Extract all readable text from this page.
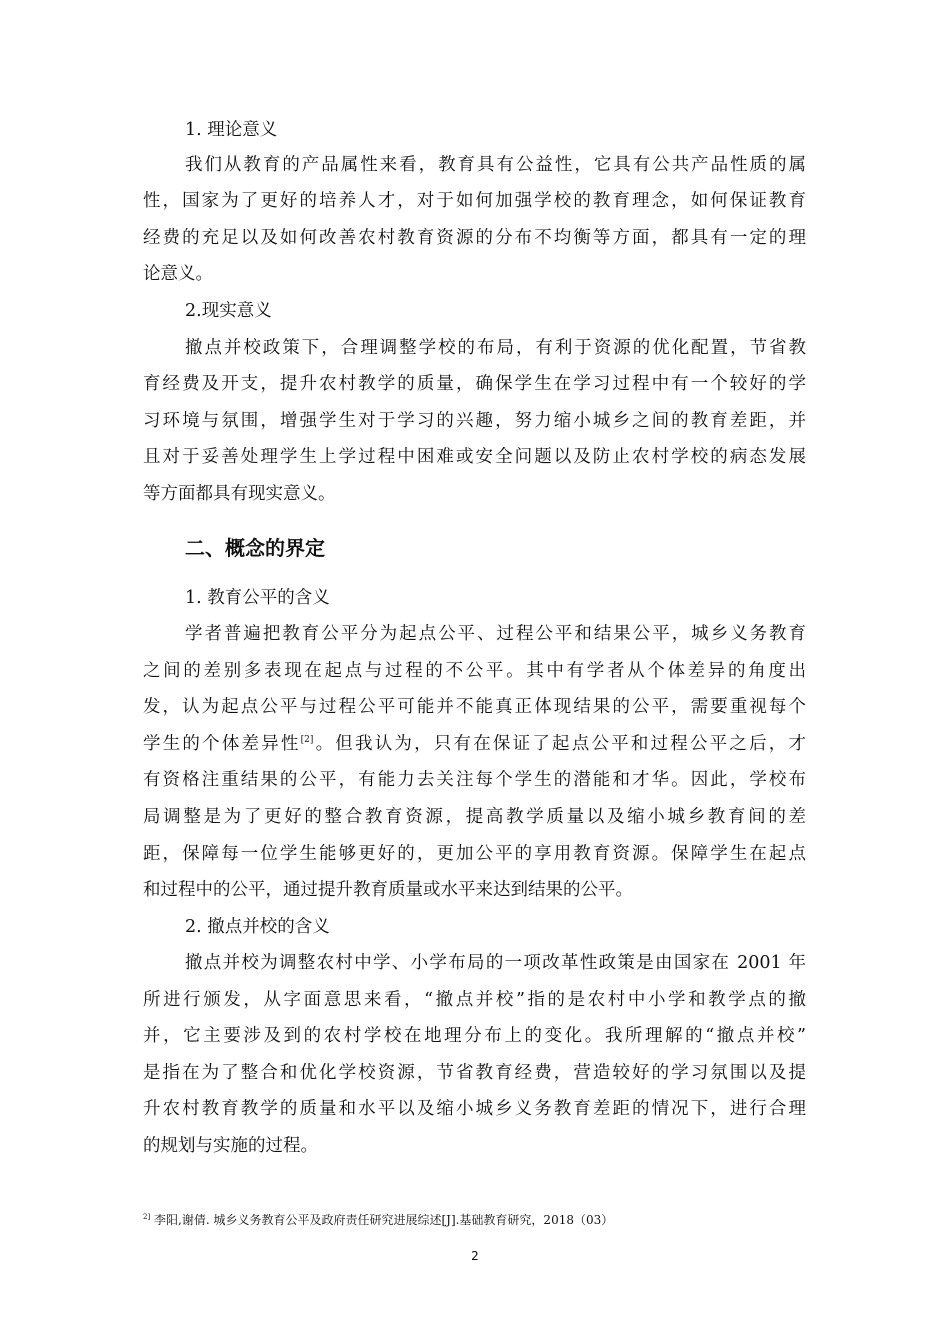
1. 理论意义
我们从教育的产品属性来看，教育具有公益性，它具有公共产品性质的属
性，国家为了更好的培养人才，对于如何加强学校的教育理念，如何保证教育
经费的充足以及如何改善农村教育资源的分布不均衡等方面，都具有一定的理
论意义。
2.现实意义
撤点并校政策下，合理调整学校的布局，有利于资源的优化配置，节省教
育经费及开支，提升农村教学的质量，确保学生在学习过程中有一个较好的学
习环境与氛围，增强学生对于学习的兴趣，努力缩小城乡之间的教育差距，并
且对于妥善处理学生上学过程中困难或安全问题以及防止农村学校的病态发展
等方面都具有现实意义。
二、概念的界定
1. 教育公平的含义
学者普遍把教育公平分为起点公平、过程公平和结果公平，城乡义务教育
之间的差别多表现在起点与过程的不公平。其中有学者从个体差异的角度出
发，认为起点公平与过程公平可能并不能真正体现结果的公平，需要重视每个
学生的个体差异性[2]。但我认为，只有在保证了起点公平和过程公平之后，才
有资格注重结果的公平，有能力去关注每个学生的潜能和才华。因此，学校布
局调整是为了更好的整合教育资源，提高教学质量以及缩小城乡教育间的差
距，保障每一位学生能够更好的，更加公平的享用教育资源。保障学生在起点
和过程中的公平，通过提升教育质量或水平来达到结果的公平。
2. 撤点并校的含义
撤点并校为调整农村中学、小学布局的一项改革性政策是由国家在 2001 年
所进行颁发，从字面意思来看，“撤点并校”指的是农村中小学和教学点的撤
并，它主要涉及到的农村学校在地理分布上的变化。我所理解的“撤点并校”
是指在为了整合和优化学校资源，节省教育经费，营造较好的学习氛围以及提
升农村教育教学的质量和水平以及缩小城乡义务教育差距的情况下，进行合理
的规划与实施的过程。
$^{2]}$ 李阳,谢倩. 城乡义务教育公平及政府责任研究进展综述[J].基础教育研究，2018（03）
2
